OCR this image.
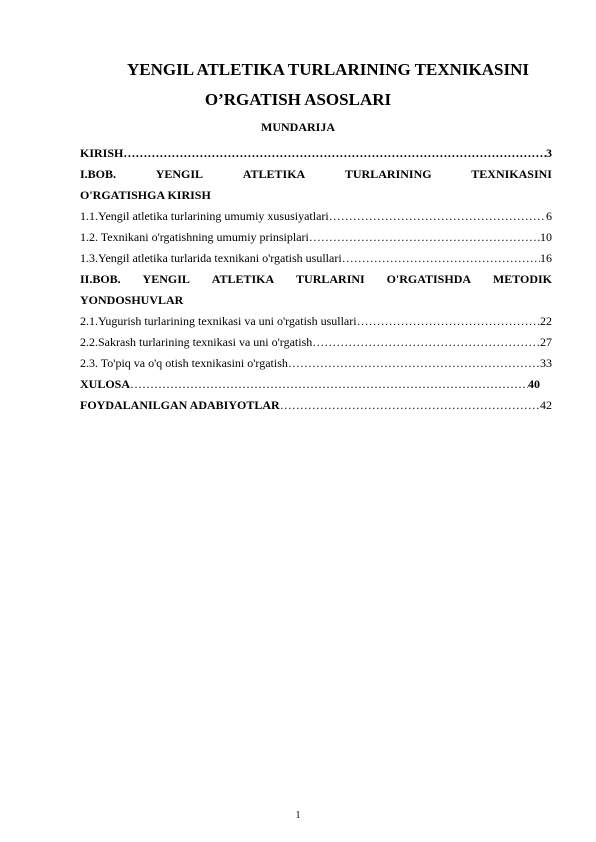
YENGIL ATLETIKA TURLARINING TEXNIKASINI
O’RGATISH ASOSLARI
MUNDARIJA
KIRISH …………………………………………………………………………………………………………………………………………………………………………	3
I.BOB.	YENGIL	ATLETIKA	TURLARINING	TEXNIKASINI
O'RGATISHGA KIRISH
1.1.Yengil atletika turlarining umumiy xususiyatlari …………………………………………………………………………………………………………………………………………………………………………	6
1.2. Texnikani o'rgatishning umumiy prinsiplari …………………………………………………………………………………………………………………………………………………………………………	10
1.3.Yengil atletika turlarida texnikani o'rgatish usullari …………………………………………………………………………………………………………………………………………………………………………	16
II.BOB. YENGIL ATLETIKA TURLARINI O'RGATISHDA METODIK
YONDOSHUVLAR
2.1.Yugurish turlarining texnikasi va uni o'rgatish usullari …………………………………………………………………………………………………………………………………………………………………………	22
2.2.Sakrash turlarining texnikasi va uni o'rgatish …………………………………………………………………………………………………………………………………………………………………………	27
2.3. To'piq va o'q otish texnikasini o'rgatish …………………………………………………………………………………………………………………………………………………………………………	33
XULOSA …………………………………………………………………………………………………………………………………………………………………………	40
FOYDALANILGAN ADABIYOTLAR …………………………………………………………………………………………………………………………………………………………………………	42
1
